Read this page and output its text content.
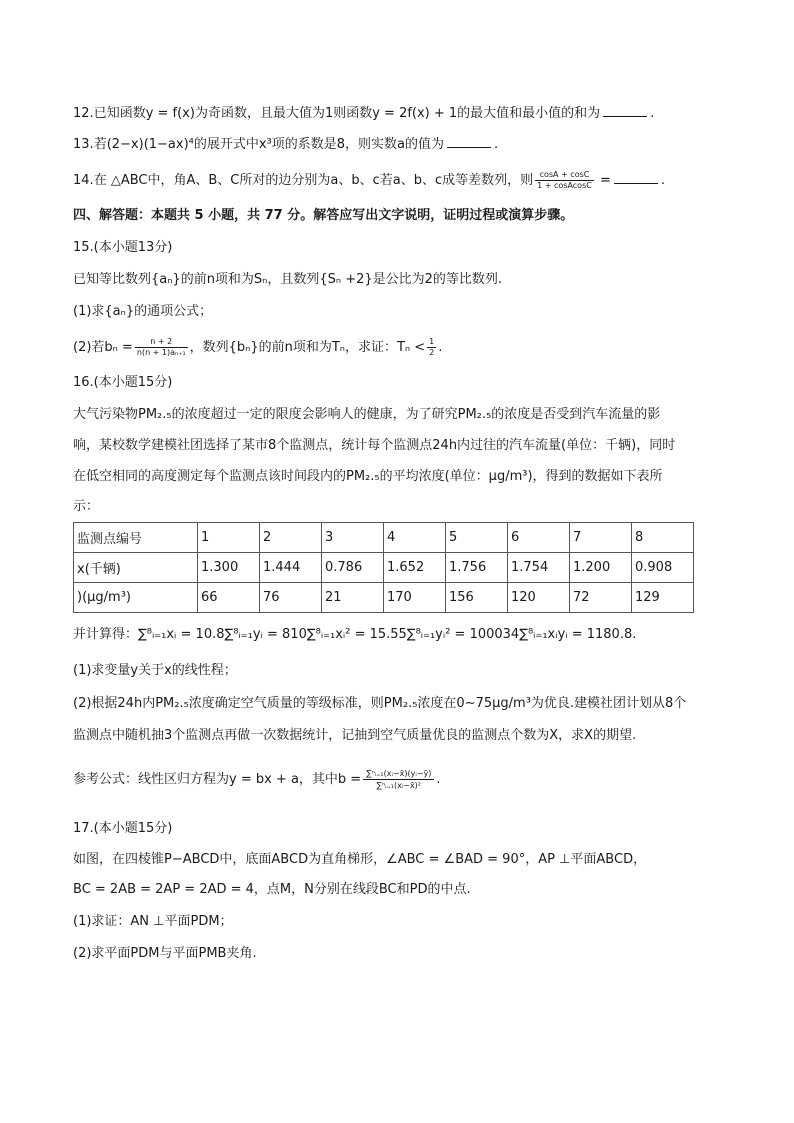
12.已知函数y = f(x)为奇函数，且最大值为1则函数y = 2f(x) + 1的最大值和最小值的和为	.
13.若(2−x)(1−ax)⁴的展开式中x³项的系数是8，则实数a的值为	.
14.在 △ABC中，角A、B、C所对的边分别为a、b、c若a、b、c成等差数列，则 $\frac{\cos A + \cos C}{\text{1 + cosAcosC}}$ =	.
四、解答题：本题共 5 小题，共 77 分。解答应写出文字说明，证明过程或演算步骤。
15.(本小题13分)
已知等比数列{aₙ}的前n项和为Sₙ，且数列{Sₙ +2}是公比为2的等比数列.
(1)求{aₙ}的通项公式；
(2)若$b_n = \frac{n + 2}{\text{n(n + 1)aₙ₊₁}}$ ，数列{bₙ}的前n项和为Tₙ，求证：$T_n < \frac{1}{2}$ .
16.(本小题15分)
大气污染物PM₂.₅的浓度超过一定的限度会影响人的健康，为了研究PM₂.₅的浓度是否受到汽车流量的影
响，某校数学建模社团选择了某市8个监测点，统计每个监测点24h内过往的汽车流量(单位：千辆)，同时
在低空相同的高度测定每个监测点该时间段内的PM₂.₅的平均浓度(单位：μg/m³)，得到的数据如下表所
示：
监测点编号	1	2	3	4	5	6	7	8
x(千辆)	1.300	1.444	0.786	1.652	1.756	1.754	1.200	0.908
)(μg/m³)	66	76	21	170	156	120	72	129
并计算得：∑⁸ᵢ₌₁xᵢ = 10.8∑⁸ᵢ₌₁yᵢ = 810∑⁸ᵢ₌₁xᵢ² = 15.55∑⁸ᵢ₌₁yᵢ² = 100034∑⁸ᵢ₌₁xᵢyᵢ = 1180.8.
(1)求变量y关于x的线性程；
(2)根据24h内PM₂.₅浓度确定空气质量的等级标准，则PM₂.₅浓度在0∼75μg/m³为优良.建模社团计划从8个
监测点中随机抽3个监测点再做一次数据统计，记抽到空气质量优良的监测点个数为X，求X的期望.
参考公式：线性区归方程为y = bx + a，其中$b = \frac{\text{∑ⁿᵢ₌₁(xᵢ−x̄)(yᵢ−ȳ)}}{\text{∑ⁿᵢ₌₁(xᵢ−x̄)²}}$ .
17.(本小题15分)
如图，在四棱锥P−ABCD中，底面ABCD为直角梯形，∠ABC = ∠BAD = 90°，AP ⊥平面ABCD，
BC = 2AB = 2AP = 2AD = 4，点M，N分别在线段BC和PD的中点.
(1)求证：AN ⊥平面PDM；
(2)求平面PDM与平面PMB夹角.
